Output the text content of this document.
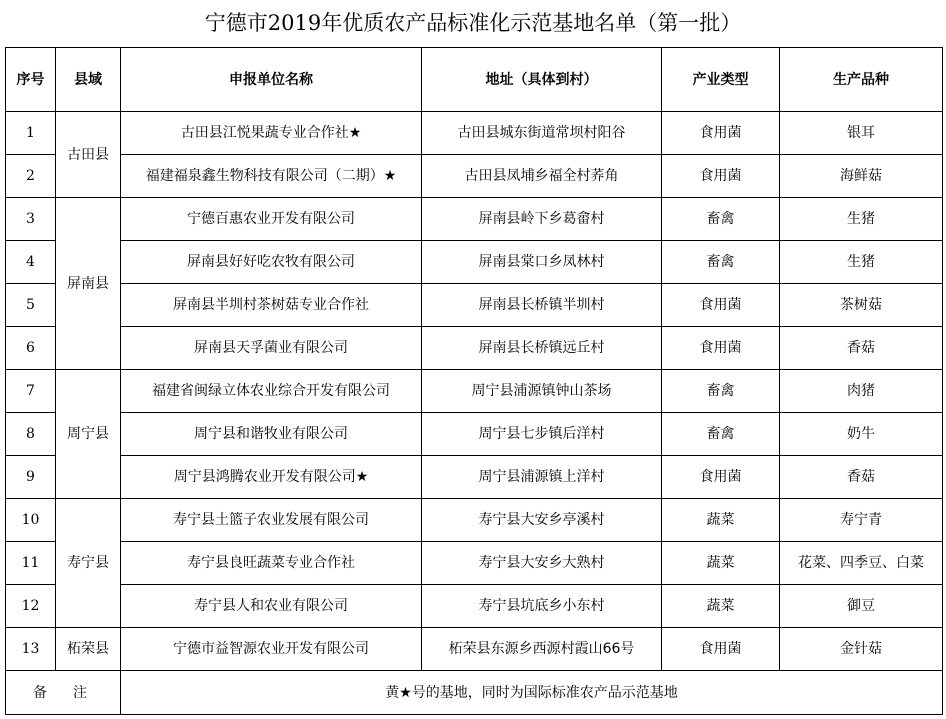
宁德市2019年优质农产品标准化示范基地名单（第一批）
序号	县域	申报单位名称	地址（具体到村）	产业类型	生产品种
1	古田县	古田县江悦果蔬专业合作社★	古田县城东街道常坝村阳谷	食用菌	银耳
2		福建福泉鑫生物科技有限公司（二期）★	古田县凤埔乡福全村荞角	食用菌	海鲜菇
3	屏南县	宁德百惠农业开发有限公司	屏南县岭下乡葛畲村	畜禽	生猪
4		屏南县好好吃农牧有限公司	屏南县棠口乡凤林村	畜禽	生猪
5		屏南县半圳村茶树菇专业合作社	屏南县长桥镇半圳村	食用菌	茶树菇
6		屏南县天孚菌业有限公司	屏南县长桥镇远丘村	食用菌	香菇
7	周宁县	福建省闽绿立体农业综合开发有限公司	周宁县浦源镇钟山茶场	畜禽	肉猪
8		周宁县和谐牧业有限公司	周宁县七步镇后洋村	畜禽	奶牛
9		周宁县鸿腾农业开发有限公司★	周宁县浦源镇上洋村	食用菌	香菇
10	寿宁县	寿宁县土篮子农业发展有限公司	寿宁县大安乡亭溪村	蔬菜	寿宁青
11		寿宁县良旺蔬菜专业合作社	寿宁县大安乡大熟村	蔬菜	花菜、四季豆、白菜
12		寿宁县人和农业有限公司	寿宁县坑底乡小东村	蔬菜	御豆
13	柘荣县	宁德市益智源农业开发有限公司	柘荣县东源乡西源村霞山66号	食用菌	金针菇
备　注		黄★号的基地，同时为国际标准农产品示范基地			
